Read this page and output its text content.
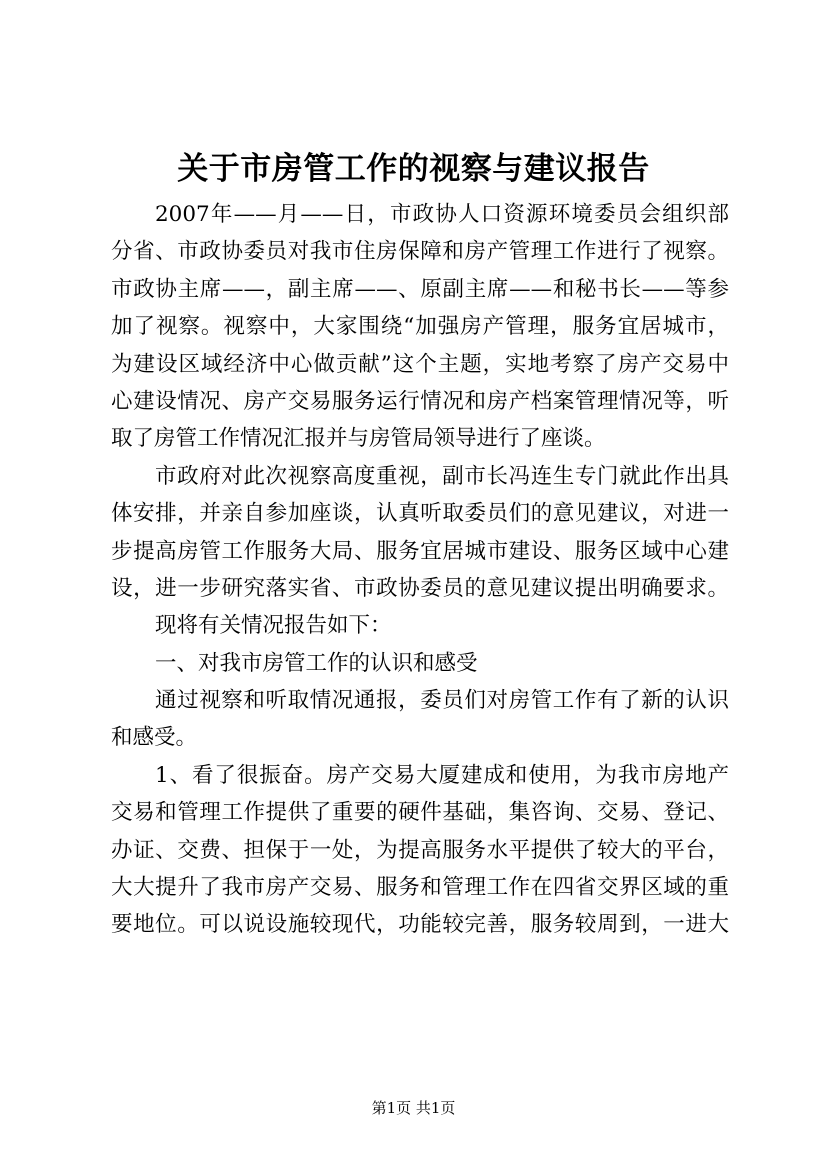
关于市房管工作的视察与建议报告
2007年——月——日，市政协人口资源环境委员会组织部
分省、市政协委员对我市住房保障和房产管理工作进行了视察。
市政协主席——，副主席——、原副主席——和秘书长——等参
加了视察。视察中，大家围绕“加强房产管理，服务宜居城市，
为建设区域经济中心做贡献”这个主题，实地考察了房产交易中
心建设情况、房产交易服务运行情况和房产档案管理情况等，听
取了房管工作情况汇报并与房管局领导进行了座谈。
市政府对此次视察高度重视，副市长冯连生专门就此作出具
体安排，并亲自参加座谈，认真听取委员们的意见建议，对进一
步提高房管工作服务大局、服务宜居城市建设、服务区域中心建
设，进一步研究落实省、市政协委员的意见建议提出明确要求。
现将有关情况报告如下：
一、对我市房管工作的认识和感受
通过视察和听取情况通报，委员们对房管工作有了新的认识
和感受。
1、看了很振奋。房产交易大厦建成和使用，为我市房地产
交易和管理工作提供了重要的硬件基础，集咨询、交易、登记、
办证、交费、担保于一处，为提高服务水平提供了较大的平台，
大大提升了我市房产交易、服务和管理工作在四省交界区域的重
要地位。可以说设施较现代，功能较完善，服务较周到，一进大
第1页 共1页
